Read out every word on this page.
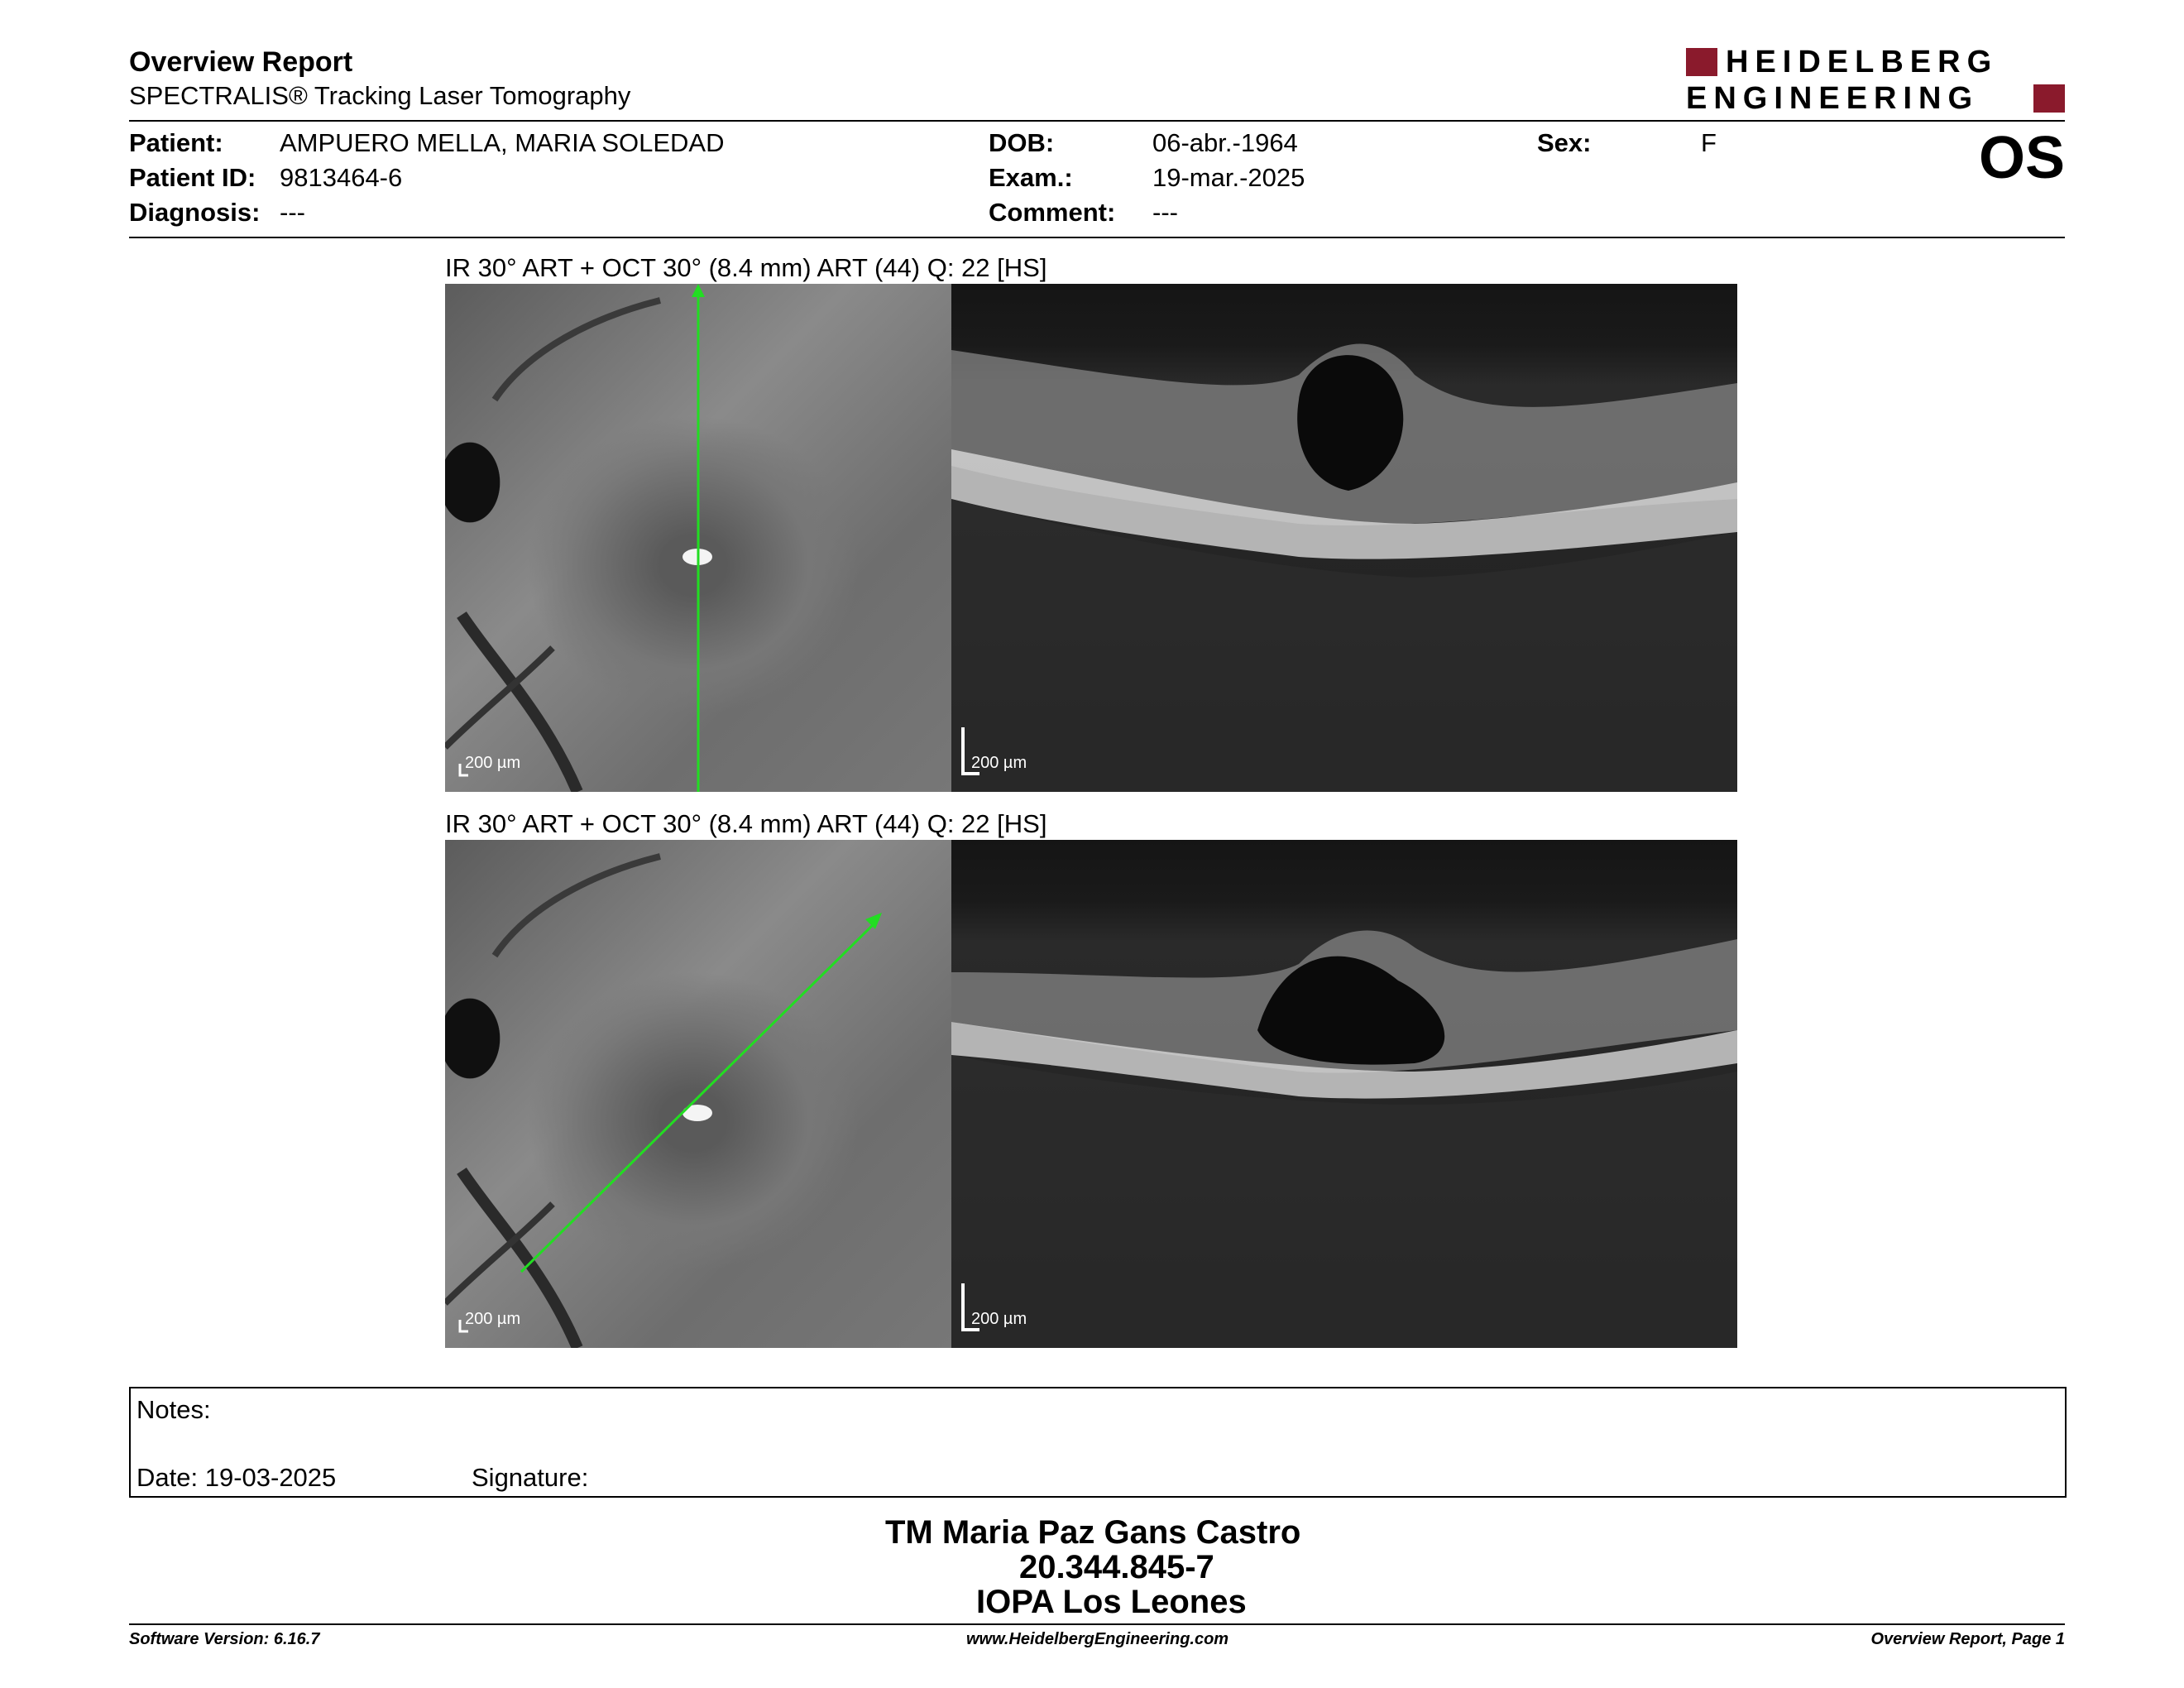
Overview Report
SPECTRALIS® Tracking Laser Tomography
HEIDELBERG
ENGINEERING
Patient: AMPUERO MELLA, MARIA SOLEDAD
Patient ID: 9813464-6
Diagnosis: ---
DOB:	06-abr.-1964
Exam.:	19-mar.-2025
Comment: ---
Sex:	F	OS
IR 30° ART + OCT 30° (8.4 mm) ART (44) Q: 22 [HS]
200 µm	200 µm
IR 30° ART + OCT 30° (8.4 mm) ART (44) Q: 22 [HS]
200 µm	200 µm
Notes:
Date: 19-03-2025	Signature:
TM Maria Paz Gans Castro
20.344.845-7
IOPA Los Leones
Software Version: 6.16.7	www.HeidelbergEngineering.com	Overview Report, Page 1
